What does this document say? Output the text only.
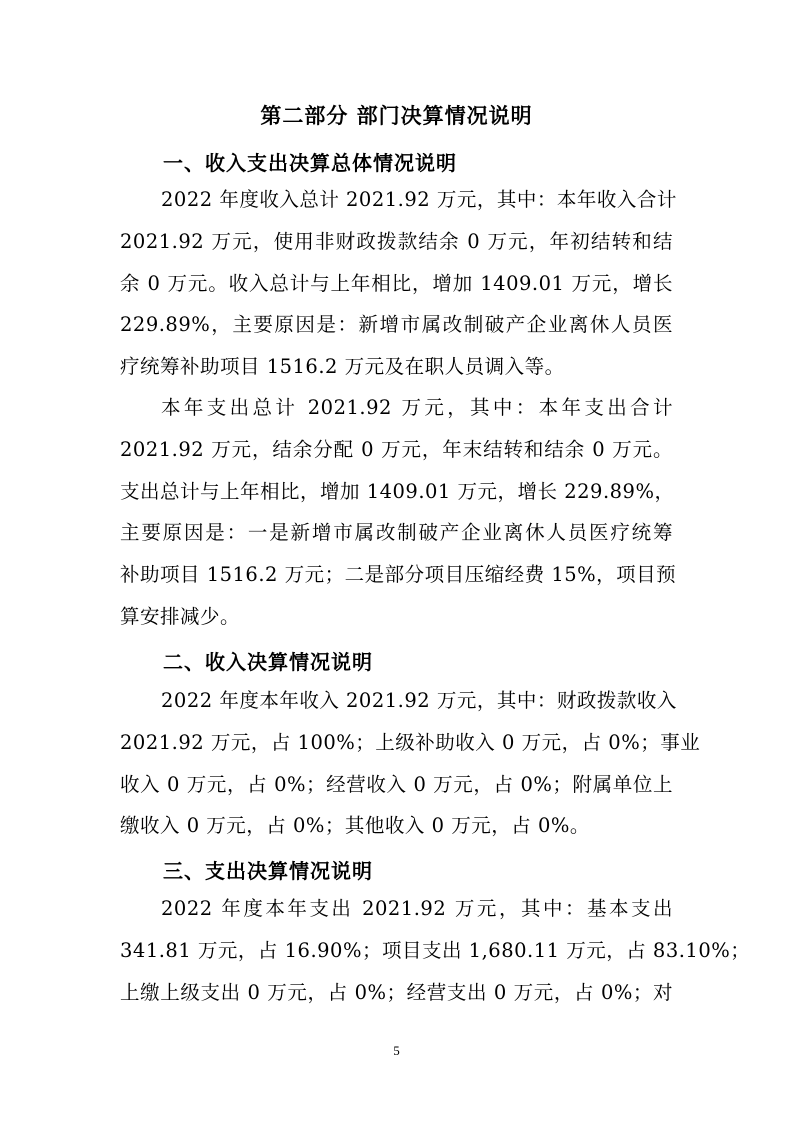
第二部分 部门决算情况说明
一、收入支出决算总体情况说明
2022 年度收入总计 2021.92 万元，其中：本年收入合计
2021.92 万元，使用非财政拨款结余 0 万元，年初结转和结
余 0 万元。收入总计与上年相比，增加 1409.01 万元，增长
229.89%，主要原因是：新增市属改制破产企业离休人员医
疗统筹补助项目 1516.2 万元及在职人员调入等。
本年支出总计 2021.92 万元，其中：本年支出合计
2021.92 万元，结余分配 0 万元，年末结转和结余 0 万元。
支出总计与上年相比，增加 1409.01 万元，增长 229.89%，
主要原因是：一是新增市属改制破产企业离休人员医疗统筹
补助项目 1516.2 万元；二是部分项目压缩经费 15%，项目预
算安排减少。
二、收入决算情况说明
2022 年度本年收入 2021.92 万元，其中：财政拨款收入
2021.92 万元，占 100%；上级补助收入 0 万元，占 0%；事业
收入 0 万元，占 0%；经营收入 0 万元，占 0%；附属单位上
缴收入 0 万元，占 0%；其他收入 0 万元，占 0%。
三、支出决算情况说明
2022 年度本年支出 2021.92 万元，其中：基本支出
341.81 万元，占 16.90%；项目支出 1,680.11 万元，占 83.10%；
上缴上级支出 0 万元，占 0%；经营支出 0 万元，占 0%；对
5
